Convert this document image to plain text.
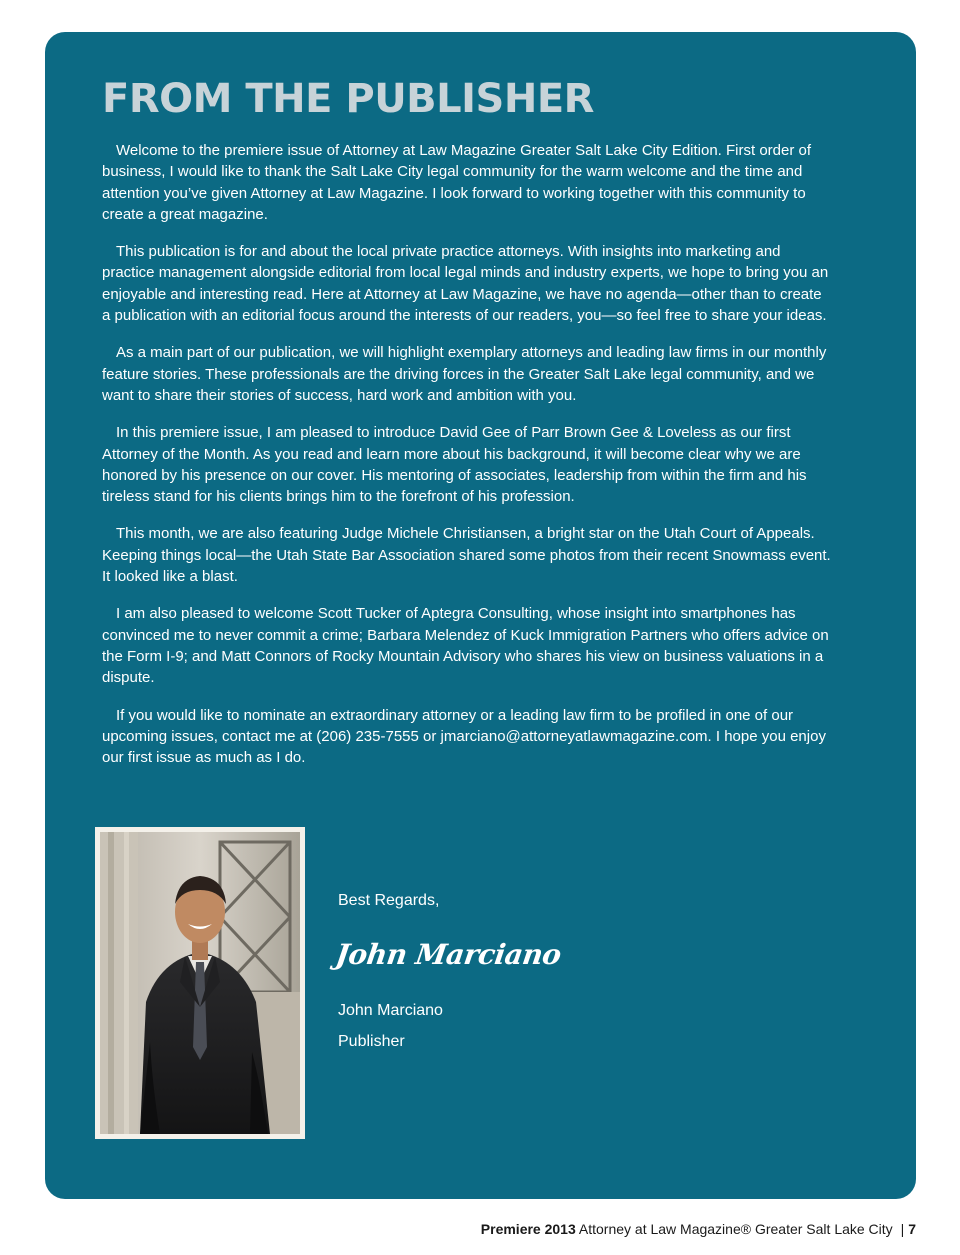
FROM THE PUBLISHER

Welcome to the premiere issue of Attorney at Law Magazine Greater Salt Lake City Edition. First order of business, I would like to thank the Salt Lake City legal community for the warm welcome and the time and attention you’ve given Attorney at Law Magazine. I look forward to working together with this community to create a great magazine.

This publication is for and about the local private practice attorneys. With insights into marketing and practice management alongside editorial from local legal minds and industry experts, we hope to bring you an enjoyable and interesting read. Here at Attorney at Law Magazine, we have no agenda—other than to create a publication with an editorial focus around the interests of our readers, you—so feel free to share your ideas.

As a main part of our publication, we will highlight exemplary attorneys and leading law firms in our monthly feature stories. These professionals are the driving forces in the Greater Salt Lake legal community, and we want to share their stories of success, hard work and ambition with you.

In this premiere issue, I am pleased to introduce David Gee of Parr Brown Gee & Loveless as our first Attorney of the Month. As you read and learn more about his background, it will become clear why we are honored by his presence on our cover. His mentoring of associates, leadership from within the firm and his tireless stand for his clients brings him to the forefront of his profession.

This month, we are also featuring Judge Michele Christiansen, a bright star on the Utah Court of Appeals. Keeping things local—the Utah State Bar Association shared some photos from their recent Snowmass event. It looked like a blast.

I am also pleased to welcome Scott Tucker of Aptegra Consulting, whose insight into smartphones has convinced me to never commit a crime; Barbara Melendez of Kuck Immigration Partners who offers advice on the Form I-9; and Matt Connors of Rocky Mountain Advisory who shares his view on business valuations in a dispute.

If you would like to nominate an extraordinary attorney or a leading law firm to be profiled in one of our upcoming issues, contact me at (206) 235-7555 or jmarciano@attorneyatlawmagazine.com. I hope you enjoy our first issue as much as I do.

Best Regards,
John Marciano
John Marciano
Publisher
Premiere 2013 Attorney at Law Magazine® Greater Salt Lake City | 7
